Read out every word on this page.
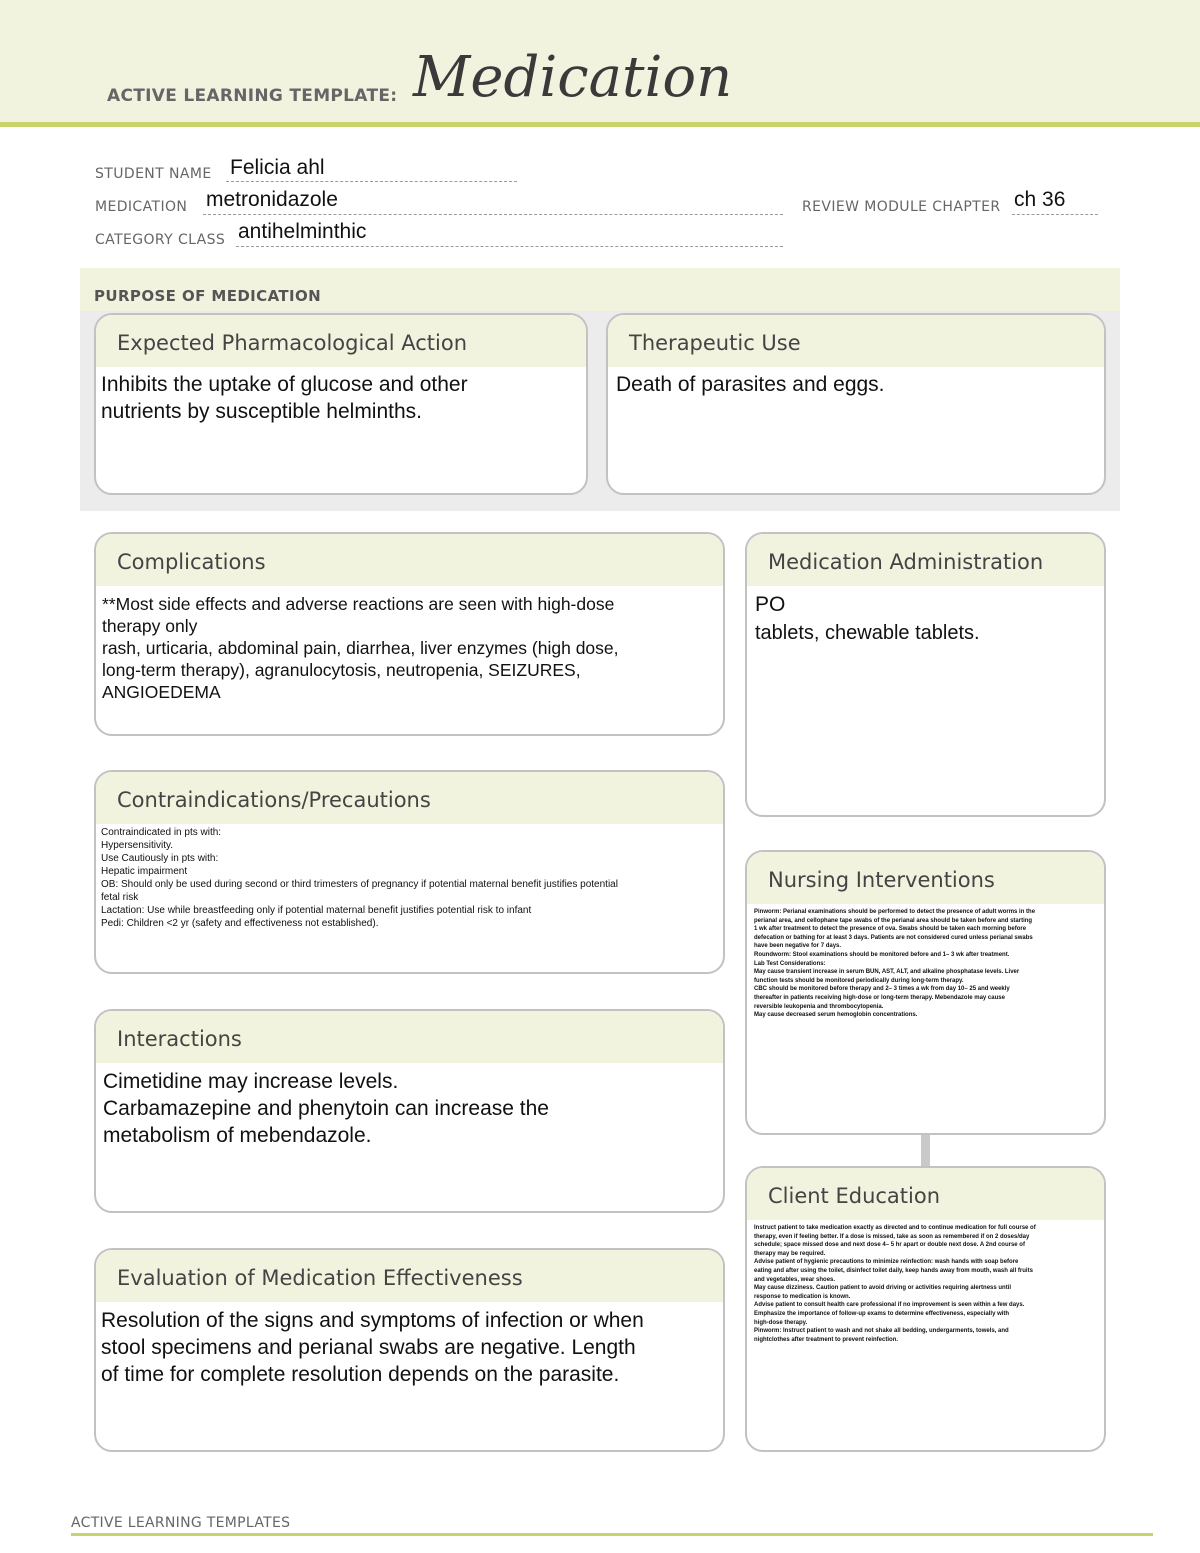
ACTIVE LEARNING TEMPLATE: Medication
STUDENT NAME Felicia ahl
MEDICATION metronidazole	REVIEW MODULE CHAPTER ch 36
CATEGORY CLASS antihelminthic
PURPOSE OF MEDICATION
Expected Pharmacological Action
Inhibits the uptake of glucose and other
nutrients by susceptible helminths.
Therapeutic Use
Death of parasites and eggs.
Complications
**Most side effects and adverse reactions are seen with high-dose
therapy only
rash, urticaria, abdominal pain, diarrhea, liver enzymes (high dose,
long-term therapy), agranulocytosis, neutropenia, SEIZURES,
ANGIOEDEMA
Contraindications/Precautions
Contraindicated in pts with:
Hypersensitivity.
Use Cautiously in pts with:
Hepatic impairment
OB: Should only be used during second or third trimesters of pregnancy if potential maternal benefit justifies potential
fetal risk
Lactation: Use while breastfeeding only if potential maternal benefit justifies potential risk to infant
Pedi: Children <2 yr (safety and effectiveness not established).
Interactions
Cimetidine may increase levels.
Carbamazepine and phenytoin can increase the
metabolism of mebendazole.
Evaluation of Medication Effectiveness
Resolution of the signs and symptoms of infection or when
stool specimens and perianal swabs are negative. Length
of time for complete resolution depends on the parasite.
Medication Administration
PO
tablets, chewable tablets.
Nursing Interventions
Pinworm: Perianal examinations should be performed to detect the presence of adult worms in the
perianal area, and cellophane tape swabs of the perianal area should be taken before and starting
1 wk after treatment to detect the presence of ova. Swabs should be taken each morning before
defecation or bathing for at least 3 days. Patients are not considered cured unless perianal swabs
have been negative for 7 days.
Roundworm: Stool examinations should be monitored before and 1– 3 wk after treatment.
Lab Test Considerations:
May cause transient increase in serum BUN, AST, ALT, and alkaline phosphatase levels. Liver
function tests should be monitored periodically during long-term therapy.
CBC should be monitored before therapy and 2– 3 times a wk from day 10– 25 and weekly
thereafter in patients receiving high-dose or long-term therapy. Mebendazole may cause
reversible leukopenia and thrombocytopenia.
May cause decreased serum hemoglobin concentrations.
Client Education
Instruct patient to take medication exactly as directed and to continue medication for full course of
therapy, even if feeling better. If a dose is missed, take as soon as remembered if on 2 doses/day
schedule; space missed dose and next dose 4– 5 hr apart or double next dose. A 2nd course of
therapy may be required.
Advise patient of hygienic precautions to minimize reinfection: wash hands with soap before
eating and after using the toilet, disinfect toilet daily, keep hands away from mouth, wash all fruits
and vegetables, wear shoes.
May cause dizziness. Caution patient to avoid driving or activities requiring alertness until
response to medication is known.
Advise patient to consult health care professional if no improvement is seen within a few days.
Emphasize the importance of follow-up exams to determine effectiveness, especially with
high-dose therapy.
Pinworm: Instruct patient to wash and not shake all bedding, undergarments, towels, and
nightclothes after treatment to prevent reinfection.
ACTIVE LEARNING TEMPLATES
